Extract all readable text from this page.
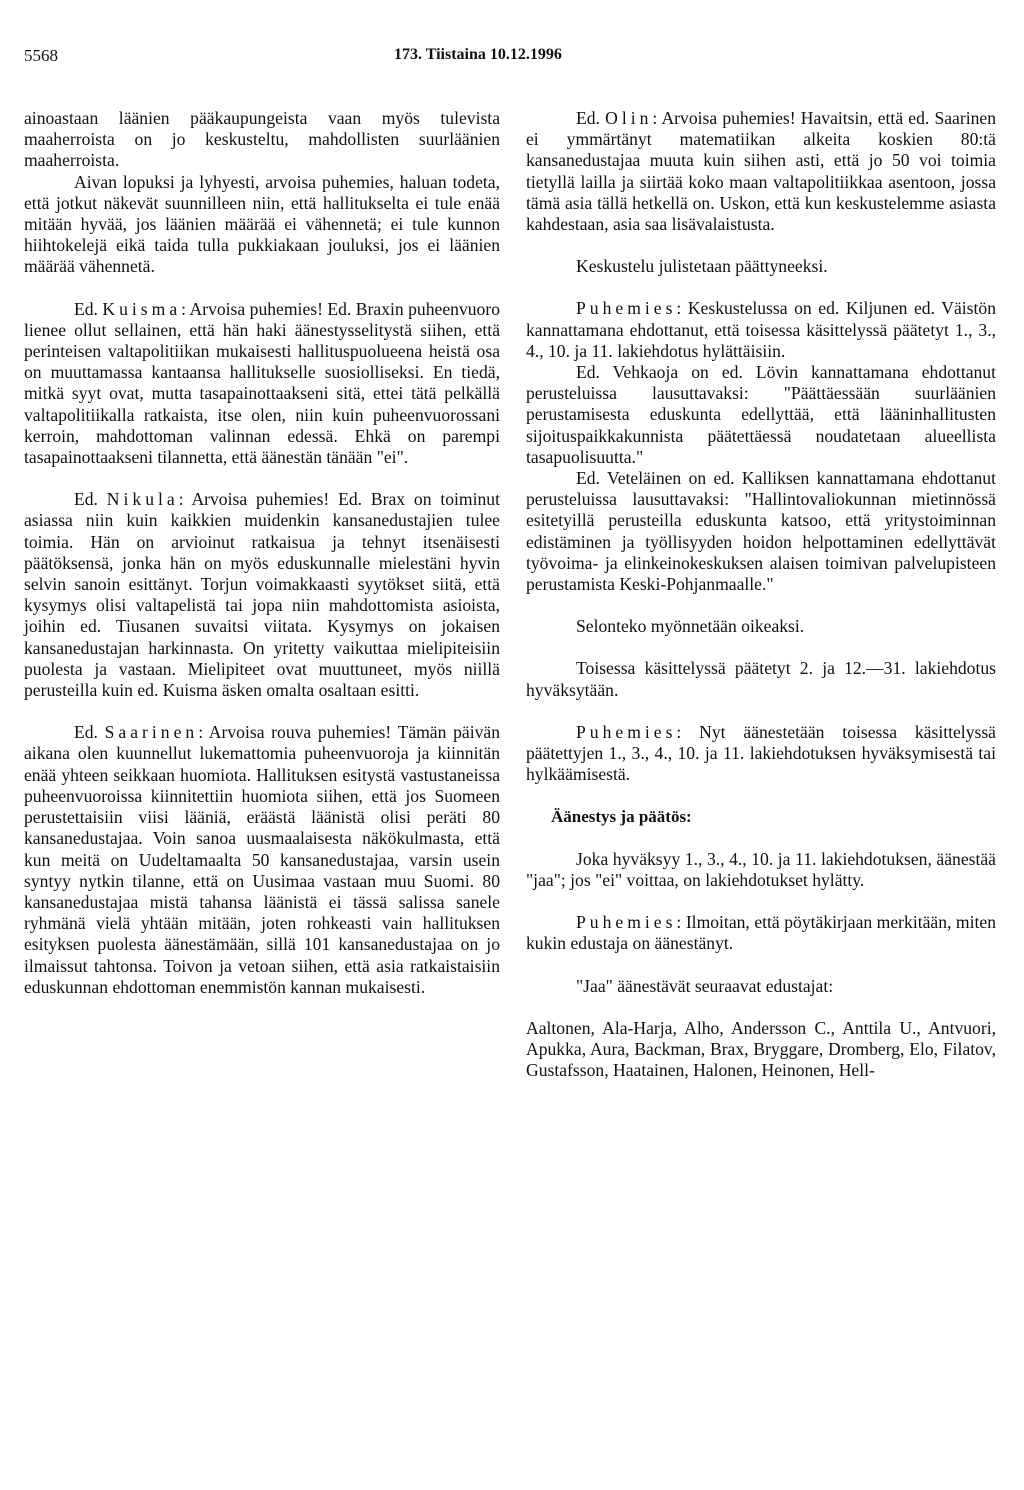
5568	173. Tiistaina 10.12.1996

ainoastaan läänien pääkaupungeista vaan myös tulevista maaherroista on jo keskusteltu, mahdollisten suurläänien maaherroista.

Aivan lopuksi ja lyhyesti, arvoisa puhemies, haluan todeta, että jotkut näkevät suunnilleen niin, että hallitukselta ei tule enää mitään hyvää, jos läänien määrää ei vähennetä; ei tule kunnon hiihtokelejä eikä taida tulla pukkiakaan jouluksi, jos ei läänien määrää vähennetä.

Ed. Kuisma: Arvoisa puhemies! Ed. Braxin puheenvuoro lienee ollut sellainen, että hän haki äänestysselitystä siihen, että perinteisen valtapolitiikan mukaisesti hallituspuolueena heistä osa on muuttamassa kantaansa hallitukselle suosiolliseksi. En tiedä, mitkä syyt ovat, mutta tasapainottaakseni sitä, ettei tätä pelkällä valtapolitiikalla ratkaista, itse olen, niin kuin puheenvuorossani kerroin, mahdottoman valinnan edessä. Ehkä on parempi tasapainottaakseni tilannetta, että äänestän tänään "ei".

Ed. Nikula: Arvoisa puhemies! Ed. Brax on toiminut asiassa niin kuin kaikkien muidenkin kansanedustajien tulee toimia. Hän on arvioinut ratkaisua ja tehnyt itsenäisesti päätöksensä, jonka hän on myös eduskunnalle mielestäni hyvin selvin sanoin esittänyt. Torjun voimakkaasti syytökset siitä, että kysymys olisi valtapelistä tai jopa niin mahdottomista asioista, joihin ed. Tiusanen suvaitsi viitata. Kysymys on jokaisen kansanedustajan harkinnasta. On yritetty vaikuttaa mielipiteisiin puolesta ja vastaan. Mielipiteet ovat muuttuneet, myös niillä perusteilla kuin ed. Kuisma äsken omalta osaltaan esitti.

Ed. Saarinen: Arvoisa rouva puhemies! Tämän päivän aikana olen kuunnellut lukemattomia puheenvuoroja ja kiinnitän enää yhteen seikkaan huomiota. Hallituksen esitystä vastustaneissa puheenvuoroissa kiinnitettiin huomiota siihen, että jos Suomeen perustettaisiin viisi lääniä, eräästä läänistä olisi peräti 80 kansanedustajaa. Voin sanoa uusmaalaisesta näkökulmasta, että kun meitä on Uudeltamaalta 50 kansanedustajaa, varsin usein syntyy nytkin tilanne, että on Uusimaa vastaan muu Suomi. 80 kansanedustajaa mistä tahansa läänistä ei tässä salissa sanele ryhmänä vielä yhtään mitään, joten rohkeasti vain hallituksen esityksen puolesta äänestämään, sillä 101 kansanedustajaa on jo ilmaissut tahtonsa. Toivon ja vetoan siihen, että asia ratkaistaisiin eduskunnan ehdottoman enemmistön kannan mukaisesti.

Ed. Olin: Arvoisa puhemies! Havaitsin, että ed. Saarinen ei ymmärtänyt matematiikan alkeita koskien 80:tä kansanedustajaa muuta kuin siihen asti, että jo 50 voi toimia tietyllä lailla ja siirtää koko maan valtapolitiikkaa asentoon, jossa tämä asia tällä hetkellä on. Uskon, että kun keskustelemme asiasta kahdestaan, asia saa lisävalaistusta.

Keskustelu julistetaan päättyneeksi.

Puhemies: Keskustelussa on ed. Kiljunen ed. Väistön kannattamana ehdottanut, että toisessa käsittelyssä päätetyt 1., 3., 4., 10. ja 11. lakiehdotus hylättäisiin.

Ed. Vehkaoja on ed. Lövin kannattamana ehdottanut perusteluissa lausuttavaksi: "Päättäessään suurläänien perustamisesta eduskunta edellyttää, että lääninhallitusten sijoituspaikkakunnista päätettäessä noudatetaan alueellista tasapuolisuutta."

Ed. Veteläinen on ed. Kalliksen kannattamana ehdottanut perusteluissa lausuttavaksi: "Hallintovaliokunnan mietinnössä esitetyillä perusteilla eduskunta katsoo, että yritystoiminnan edistäminen ja työllisyyden hoidon helpottaminen edellyttävät työvoima- ja elinkeinokeskuksen alaisen toimivan palvelupisteen perustamista Keski-Pohjanmaalle."

Selonteko myönnetään oikeaksi.

Toisessa käsittelyssä päätetyt 2. ja 12.—31. lakiehdotus hyväksytään.

Puhemies: Nyt äänestetään toisessa käsittelyssä päätettyjen 1., 3., 4., 10. ja 11. lakiehdotuksen hyväksymisestä tai hylkäämisestä.

Äänestys ja päätös:

Joka hyväksyy 1., 3., 4., 10. ja 11. lakiehdotuksen, äänestää "jaa"; jos "ei" voittaa, on lakiehdotukset hylätty.

Puhemies: Ilmoitan, että pöytäkirjaan merkitään, miten kukin edustaja on äänestänyt.

"Jaa" äänestävät seuraavat edustajat:

Aaltonen, Ala-Harja, Alho, Andersson C., Anttila U., Antvuori, Apukka, Aura, Backman, Brax, Bryggare, Dromberg, Elo, Filatov, Gustafsson, Haatainen, Halonen, Heinonen, Hell-
